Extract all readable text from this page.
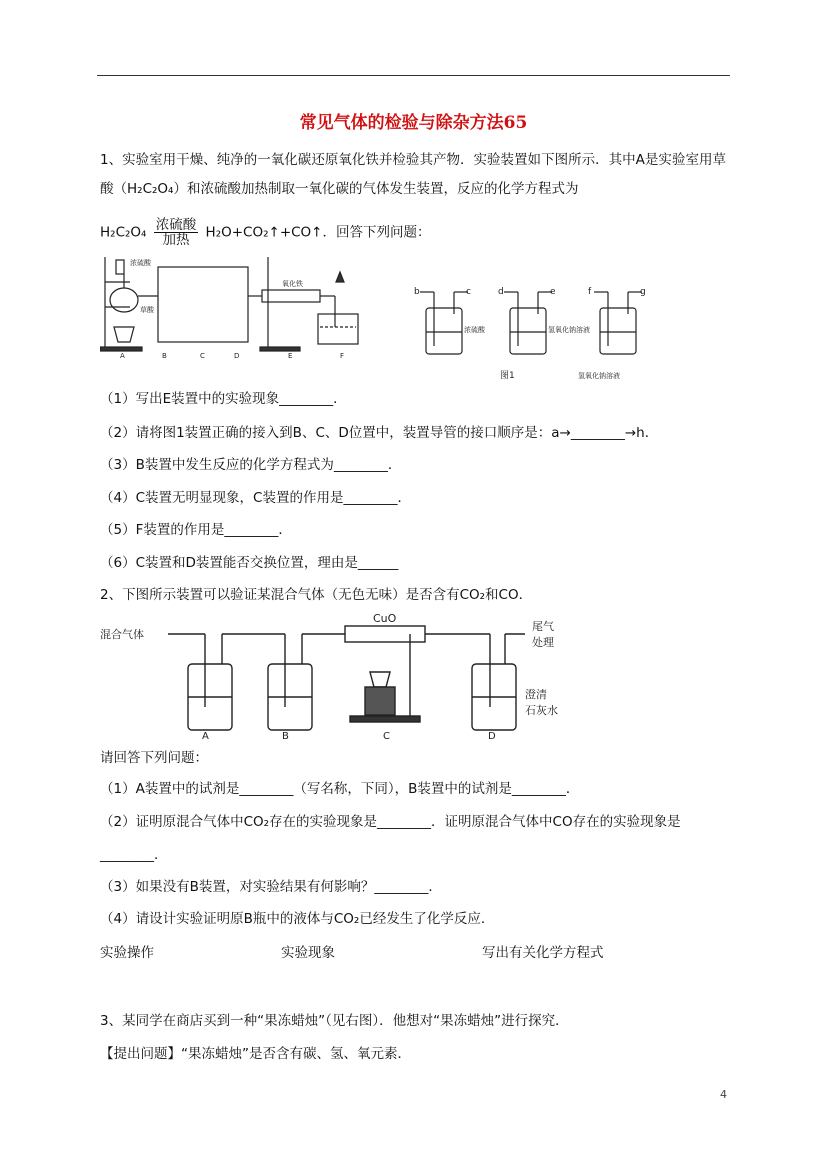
常见气体的检验与除杂方法65
1、实验室用干燥、纯净的一氧化碳还原氧化铁并检验其产物．实验装置如下图所示．其中A是实验室用草酸（H₂C₂O₄）和浓硫酸加热制取一氧化碳的气体发生装置，反应的化学方程式为
$H_2C_2O_4 \frac{\text{浓硫酸}}{\text{加热}}$ H₂O+CO₂↑+CO↑．回答下列问题：
A	B	C	D	E	F
浓硫酸
草酸
氧化铁
b	c	d	e	f	g
浓硫酸	氢氧化钠溶液
氢氧化钠溶液
图1
（1）写出E装置中的实验现象________．
（2）请将图1装置正确的接入到B、C、D位置中，装置导管的接口顺序是：a→________→h．
（3）B装置中发生反应的化学方程式为________．
（4）C装置无明显现象，C装置的作用是________．
（5）F装置的作用是________．
（6）C装置和D装置能否交换位置，理由是______
2、下图所示装置可以验证某混合气体（无色无味）是否含有CO₂和CO．
混合气体
CuO
尾气
处理
澄清
石灰水
A	B	C	D
请回答下列问题：
（1）A装置中的试剂是________（写名称，下同），B装置中的试剂是________．
（2）证明原混合气体中CO₂存在的实验现象是________．证明原混合气体中CO存在的实验现象是
________．
（3）如果没有B装置，对实验结果有何影响？________．
（4）请设计实验证明原B瓶中的液体与CO₂已经发生了化学反应．
实验操作	实验现象	写出有关化学方程式
3、某同学在商店买到一种“果冻蜡烛”（见右图）．他想对“果冻蜡烛”进行探究．
【提出问题】“果冻蜡烛”是否含有碳、氢、氧元素．
4
